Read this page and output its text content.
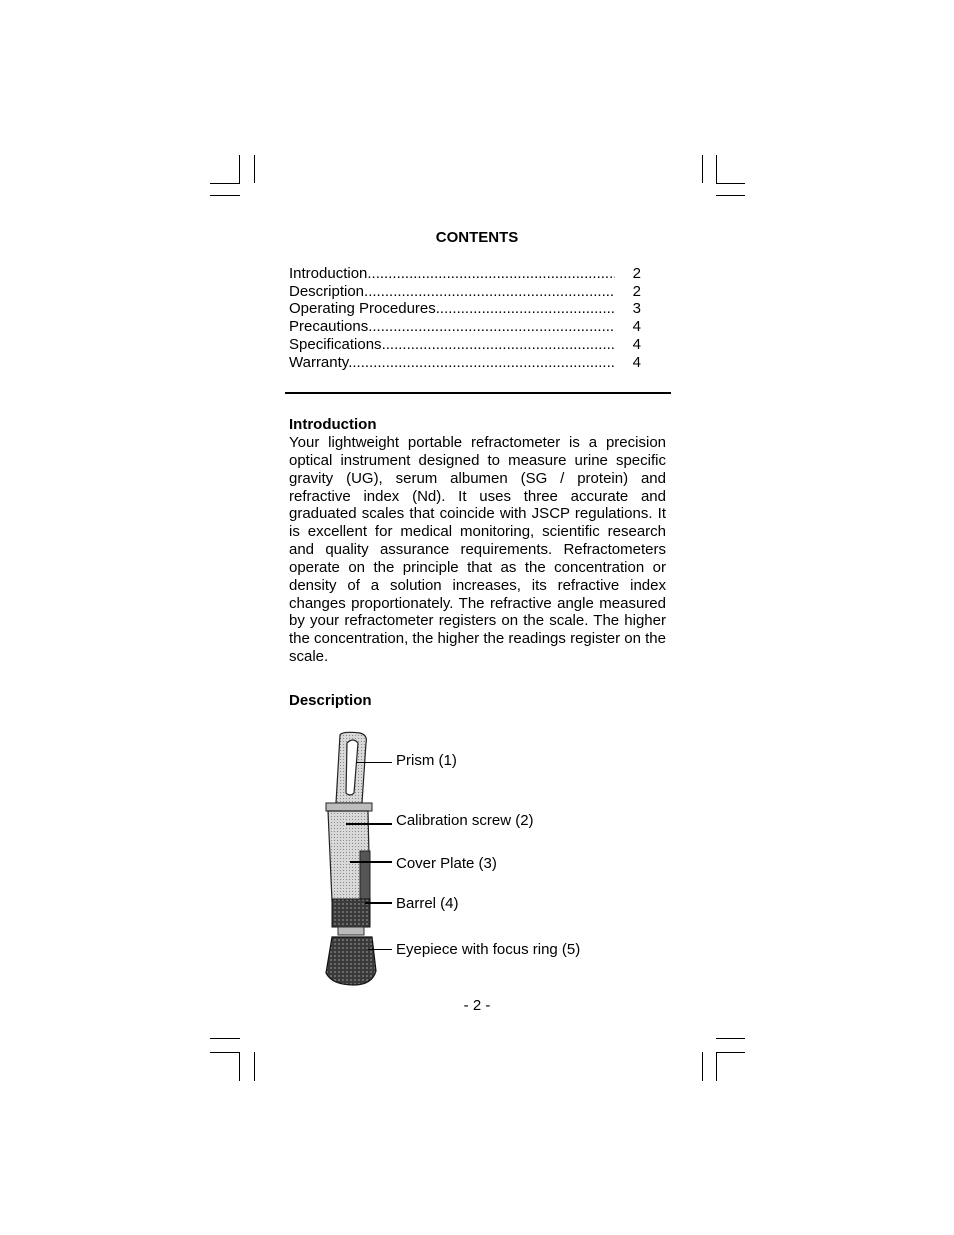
CONTENTS
Introduction .....	2
Description .....	2
Operating Procedures .....	3
Precautions .....	4
Specifications .....	4
Warranty .....	4
Introduction
Your lightweight portable refractometer is a precision optical instrument designed to measure urine specific gravity (UG), serum albumen (SG / protein) and refractive index (Nd). It uses three accurate and graduated scales that coincide with JSCP regulations. It is excellent for medical monitoring, scientific research and quality assurance requirements. Refractometers operate on the principle that as the concentration or density of a solution increases, its refractive index changes proportionately. The refractive angle measured by your refractometer registers on the scale. The higher the concentration, the higher the readings register on the scale.
Description
Prism (1)
Calibration screw (2)
Cover Plate (3)
Barrel (4)
Eyepiece with focus ring (5)
- 2 -
